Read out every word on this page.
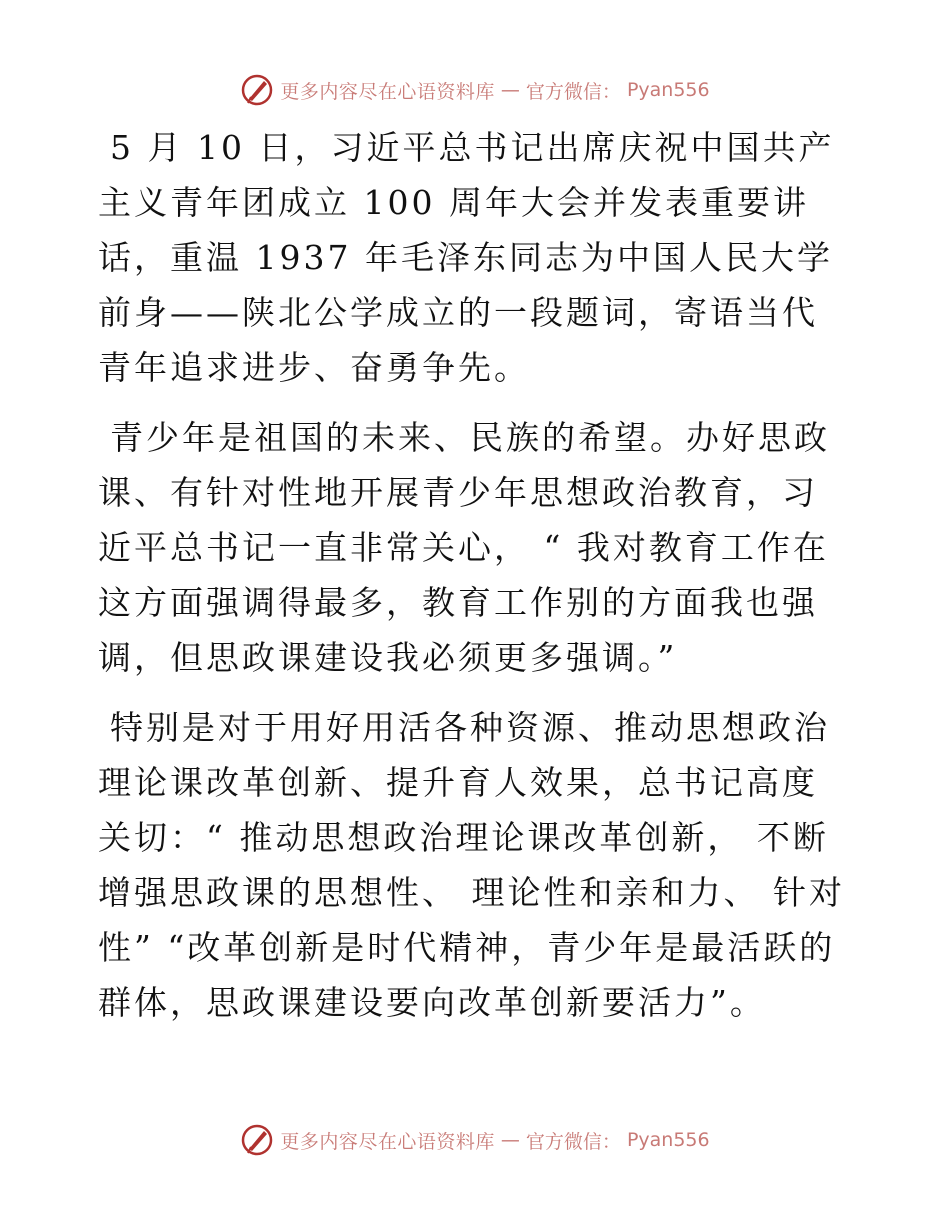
更多内容尽在心语资料库 — 官方微信： Pyan556

5 月 10 日，习近平总书记出席庆祝中国共产主义青年团成立 100 周年大会并发表重要讲话，重温 1937 年毛泽东同志为中国人民大学前身——陕北公学成立的一段题词，寄语当代青年追求进步、奋勇争先。

青少年是祖国的未来、民族的希望。办好思政课、有针对性地开展青少年思想政治教育，习近平总书记一直非常关心， “ 我对教育工作在这方面强调得最多，教育工作别的方面我也强调，但思政课建设我必须更多强调。”

特别是对于用好用活各种资源、推动思想政治理论课改革创新、提升育人效果，总书记高度关切：“ 推动思想政治理论课改革创新， 不断增强思政课的思想性、 理论性和亲和力、 针对性” “改革创新是时代精神，青少年是最活跃的群体，思政课建设要向改革创新要活力”。

更多内容尽在心语资料库 — 官方微信： Pyan556
